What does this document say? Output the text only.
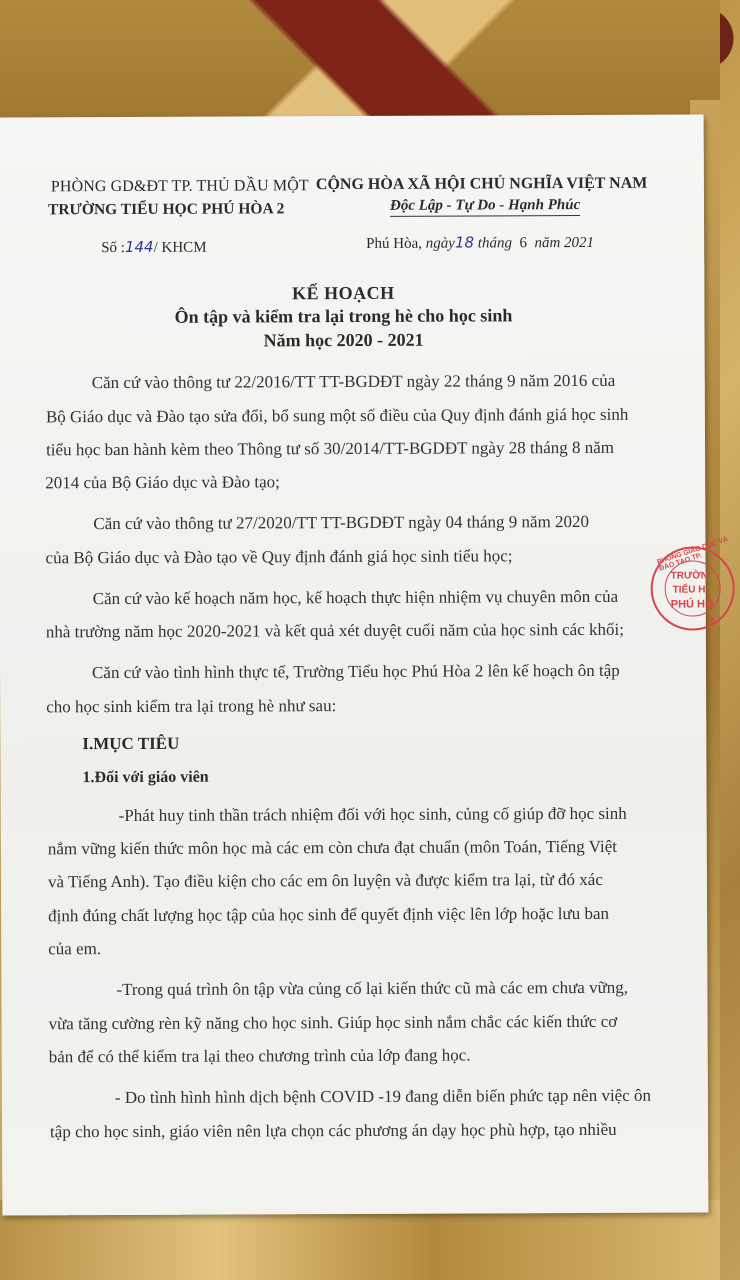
PHÒNG GD&ĐT TP. THỦ DẦU MỘT
TRƯỜNG TIỂU HỌC PHÚ HÒA 2
CỘNG HÒA XÃ HỘI CHỦ NGHĨA VIỆT NAM
Độc Lập - Tự Do - Hạnh Phúc
Số :144/ KHCM	Phú Hòa, ngày18 tháng 6 năm 2021
KẾ HOẠCH
Ôn tập và kiểm tra lại trong hè cho học sinh
Năm học 2020 - 2021
Căn cứ vào thông tư 22/2016/TT TT-BGDĐT ngày 22 tháng 9 năm 2016 của
Bộ Giáo dục và Đào tạo sửa đổi, bổ sung một số điều của Quy định đánh giá học sinh
tiểu học ban hành kèm theo Thông tư số 30/2014/TT-BGDĐT ngày 28 tháng 8 năm
2014 của Bộ Giáo dục và Đào tạo;
Căn cứ vào thông tư 27/2020/TT TT-BGDĐT ngày 04 tháng 9 năm 2020
của Bộ Giáo dục và Đào tạo về Quy định đánh giá học sinh tiểu học;
Căn cứ vào kế hoạch năm học, kế hoạch thực hiện nhiệm vụ chuyên môn của
nhà trường năm học 2020-2021 và kết quả xét duyệt cuối năm của học sinh các khối;
Căn cứ vào tình hình thực tế, Trường Tiểu học Phú Hòa 2 lên kế hoạch ôn tập
cho học sinh kiểm tra lại trong hè như sau:
I.MỤC TIÊU
1.Đối với giáo viên
-Phát huy tinh thần trách nhiệm đối với học sinh, củng cố giúp đỡ học sinh
nắm vững kiến thức môn học mà các em còn chưa đạt chuẩn (môn Toán, Tiếng Việt
và Tiếng Anh). Tạo điều kiện cho các em ôn luyện và được kiểm tra lại, từ đó xác
định đúng chất lượng học tập của học sinh để quyết định việc lên lớp hoặc lưu ban
của em.
-Trong quá trình ôn tập vừa củng cố lại kiến thức cũ mà các em chưa vững,
vừa tăng cường rèn kỹ năng cho học sinh. Giúp học sinh nắm chắc các kiến thức cơ
bản để có thể kiểm tra lại theo chương trình của lớp đang học.
- Do tình hình hình dịch bệnh COVID -19 đang diễn biến phức tạp nên việc ôn
tập cho học sinh, giáo viên nên lựa chọn các phương án dạy học phù hợp, tạo nhiều
PHÒNG GIÁO DỤC VÀ ĐÀO TẠO TP.
TRƯỜN
TIỂU H
PHÚ HÒ
★
